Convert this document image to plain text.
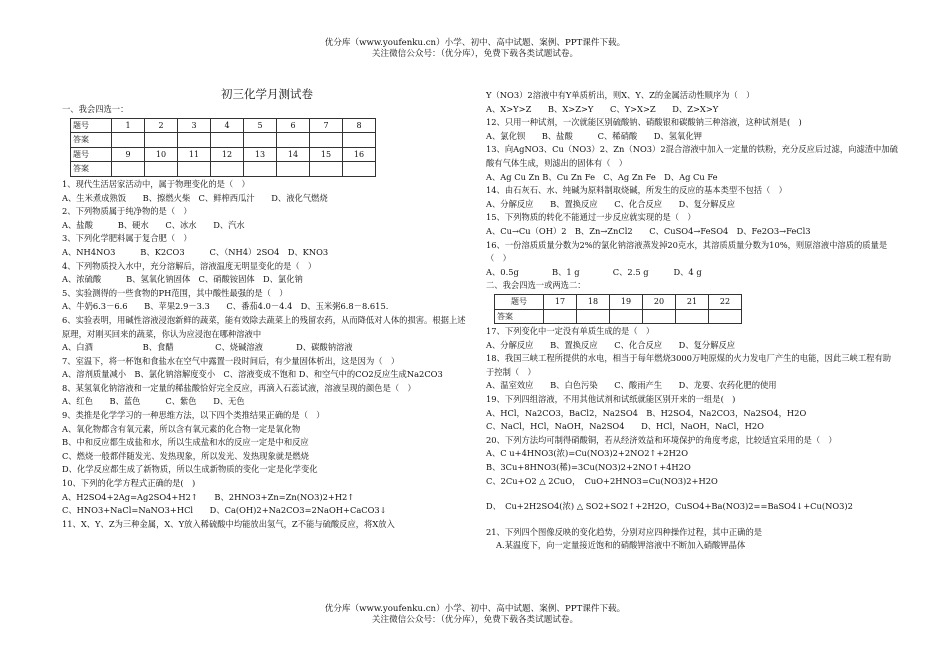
优分库（www.youfenku.cn）小学、初中、高中试题、案例、PPT课件下载。
关注微信公众号：（优分库），免费下载各类试题试卷。
初三化学月测试卷

一、我会四选一：

题号	1	2	3	4	5	6	7	8
答案								
题号	9	10	11	12	13	14	15	16
答案								

1、现代生活居家活动中，属于物理变化的是（　）

A、生米煮成熟饭　　B、擦燃火柴　C、鲜榨西瓜汁　　D、液化气燃烧

2、下列物质属于纯净物的是（　）

A、盐酸　　　B、硬水　　C、冰水　　D、汽水

3、下列化学肥料属于复合肥（　）

A、NH4NO3　　　B、K2CO3　　　C、（NH4）2SO4　D、KNO3

4、下列物质投入水中，充分溶解后，溶液温度无明显变化的是（　）

A、浓硫酸　　　B、氢氧化钠固体　C、硝酸铵固体　D、氯化钠

5、实验测得的一些食物的PH范围，其中酸性最强的是（　）

A、牛奶6.3－6.6　　B、苹果2.9－3.3　　C、番茄4.0－4.4　D、玉米粥6.8－8.615.

6、实验表明，用碱性溶液浸泡新鲜的蔬菜，能有效除去蔬菜上的残留农药，从而降低对人体的损害。根据上述原理，对刚买回来的蔬菜，你认为应浸泡在哪种溶液中

A、白酒　　　　　　B、食醋　　　　　C、烧碱溶液　　　　D、碳酸钠溶液

7、室温下，将一杯饱和食盐水在空气中露置一段时间后，有少量固体析出，这是因为（　）

A、溶剂质量减小　B、氯化钠溶解度变小　C、溶液变成不饱和 D、和空气中的CO2反应生成Na2CO3

8、某氢氧化钠溶液和一定量的稀盐酸恰好完全反应，再滴入石蕊试液，溶液呈现的颜色是（　）

A、红色　　B、蓝色　　　C、紫色　　D、无色

9、类推是化学学习的一种思维方法，以下四个类推结果正确的是（　）

A、氧化物都含有氧元素，所以含有氧元素的化合物一定是氧化物

B、中和反应都生成盐和水，所以生成盐和水的反应一定是中和反应

C、燃烧一般都伴随发光、发热现象，所以发光、发热现象就是燃烧

D、化学反应都生成了新物质，所以生成新物质的变化一定是化学变化

10、下列的化学方程式正确的是(　)

A、H2SO4+2Ag=Ag2SO4+H2↑　　B、2HNO3+Zn=Zn(NO3)2+H2↑

C、HNO3+NaCl=NaNO3+HCl　　D、Ca(OH)2+Na2CO3=2NaOH+CaCO3↓

11、X、Y、Z为三种金属，X、Y放入稀硫酸中均能放出氢气，Z不能与硫酸反应，将X放入

Y（NO3）2溶液中有Y单质析出，则X、Y、Z的金属活动性顺序为（　）

A、X>Y>Z　　B、X>Z>Y　　C、Y>X>Z　　D、Z>X>Y

12、只用一种试剂，一次就能区别硫酸钠、硝酸银和碳酸钠三种溶液，这种试剂是(　)

A、氯化钡　　B、盐酸　　　C、稀硝酸　　D、氢氧化钾

13、向AgNO3、Cu（NO3）2、Zn（NO3）2混合溶液中加入一定量的铁粉，充分反应后过滤，向滤渣中加硫酸有气体生成，则滤出的固体有（　）

A、Ag Cu Zn B、Cu Zn Fe　C、Ag Zn Fe　D、Ag Cu Fe

14、由石灰石、水、纯碱为原料制取烧碱，所发生的反应的基本类型不包括（　）

A、分解反应　　B、置换反应　　C、化合反应　　D、复分解反应

15、下列物质的转化不能通过一步反应就实现的是（　）

A、Cu→Cu（OH）2　B、Zn→ZnCl2　　C、CuSO4→FeSO4　D、Fe2O3→FeCl3

16、一份溶质质量分数为2%的氯化钠溶液蒸发掉20克水，其溶质质量分数为10%，则原溶液中溶质的质量是（　）

A、0.5g　　　　B、1 g　　　　C、2.5 g　　　D、4 g

二、我会四选一或两选二：

题号	17	18	19	20	21	22
答案						

17、下列变化中一定没有单质生成的是（　）

A、分解反应　　B、置换反应　　C、化合反应　　D、复分解反应

18、我国三峡工程所提供的水电，相当于每年燃烧3000万吨原煤的火力发电厂产生的电能，因此三峡工程有助于控制（　）

A、温室效应　　B、白色污染　　C、酸雨产生　　D、龙要、农药化肥的使用

19、下列四组溶液，不用其他试剂和试纸就能区别开来的一组是(　)

A、HCl，Na2CO3，BaCl2，Na2SO4　B、H2SO4，Na2CO3，Na2SO4，H2O

C、NaCl，HCl，NaOH，Na2SO4　　D、HCl，NaOH，NaCl，H2O

20、下列方法均可制得硝酸铜，若从经济效益和环境保护的角度考虑，比较适宜采用的是（　）

A、C u+4HNO3(浓)=Cu(NO3)2+2NO2↑+2H2O

B、3Cu+8HNO3(稀)=3Cu(NO3)2+2NO↑+4H2O

C、2Cu+O2 △ 2CuO，　CuO+2HNO3=Cu(NO3)2+H2O

D、　Cu+2H2SO4(浓) △ SO2+SO2↑+2H2O，CuSO4+Ba(NO3)2==BaSO4↓+Cu(NO3)2

21、下列四个图像反映的变化趋势，分别对应四种操作过程，其中正确的是

A.某温度下，向一定量接近饱和的硝酸钾溶液中不断加入硝酸钾晶体

优分库（www.youfenku.cn）小学、初中、高中试题、案例、PPT课件下载。
关注微信公众号：（优分库），免费下载各类试题试卷。
